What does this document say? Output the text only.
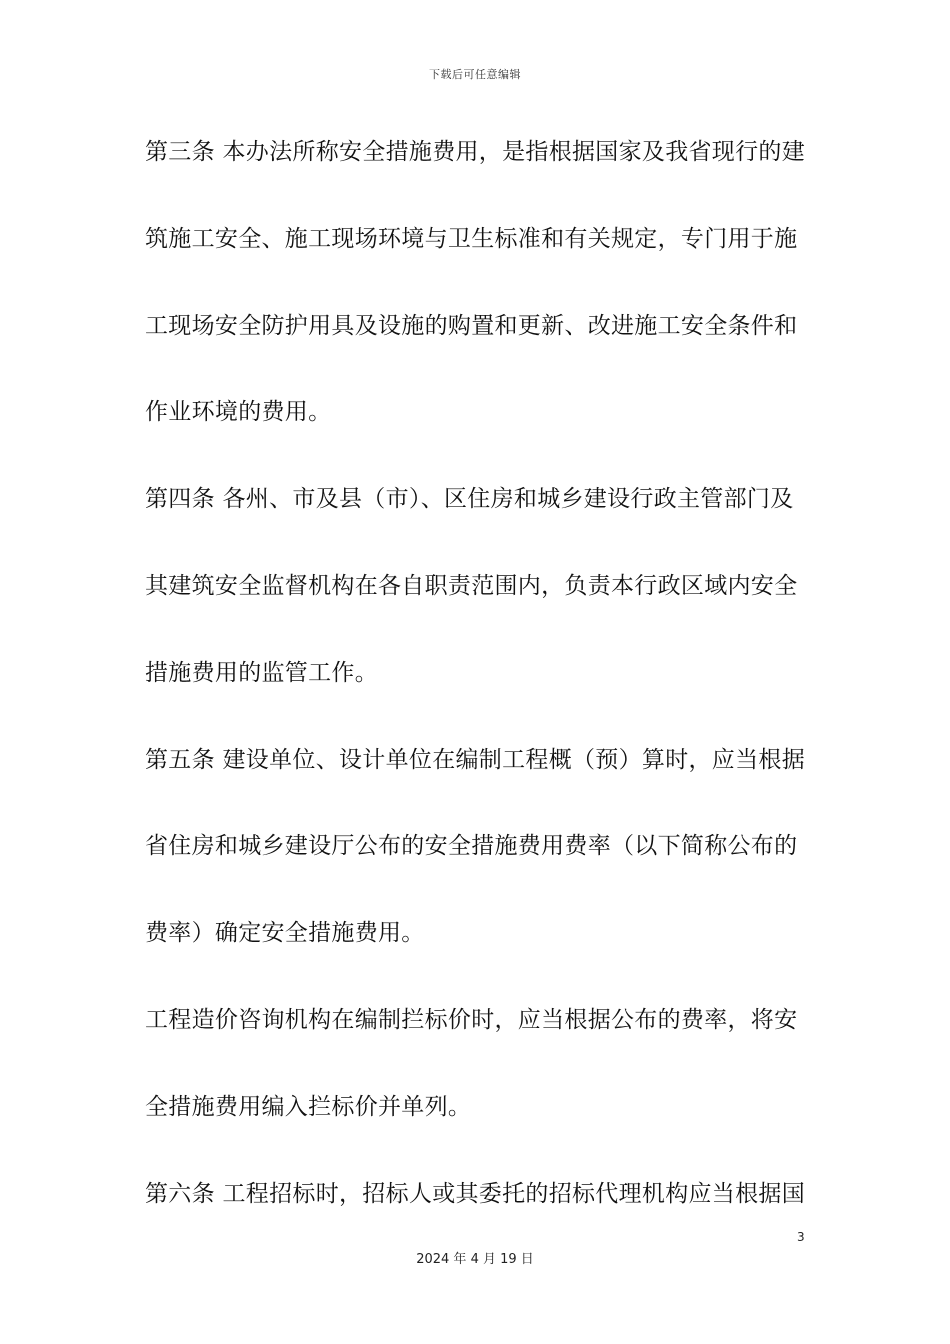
下载后可任意编辑
第三条 本办法所称安全措施费用，是指根据国家及我省现行的建
筑施工安全、施工现场环境与卫生标准和有关规定，专门用于施
工现场安全防护用具及设施的购置和更新、改进施工安全条件和
作业环境的费用。
第四条 各州、市及县（市）、区住房和城乡建设行政主管部门及
其建筑安全监督机构在各自职责范围内，负责本行政区域内安全
措施费用的监管工作。
第五条 建设单位、设计单位在编制工程概（预）算时，应当根据
省住房和城乡建设厅公布的安全措施费用费率（以下简称公布的
费率）确定安全措施费用。
工程造价咨询机构在编制拦标价时，应当根据公布的费率，将安
全措施费用编入拦标价并单列。
第六条 工程招标时，招标人或其委托的招标代理机构应当根据国
3
2024 年 4 月 19 日
